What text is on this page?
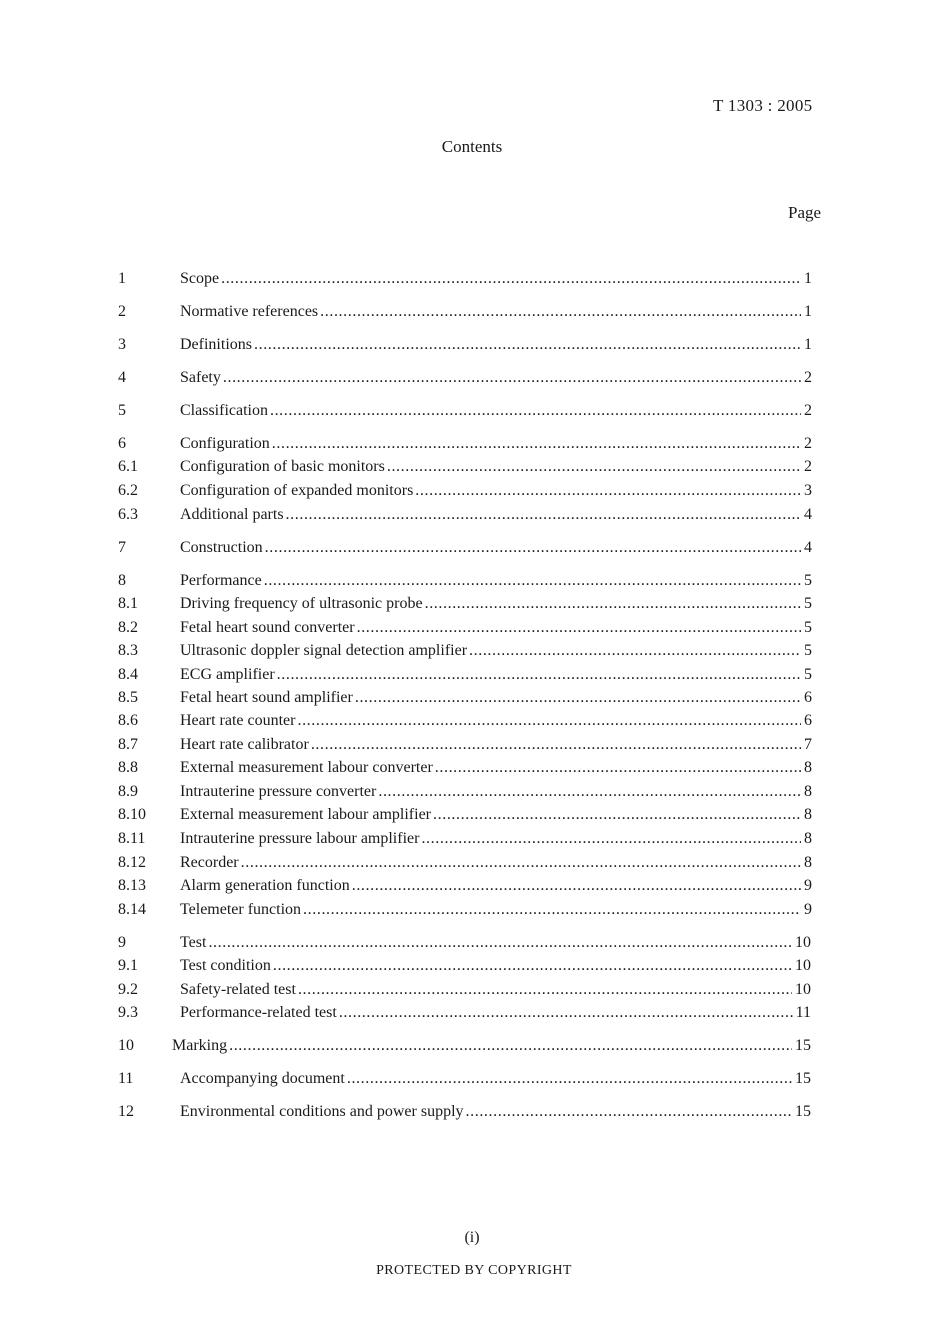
T 1303 : 2005
Contents
Page
1	Scope .....	1
2	Normative references .....	1
3	Definitions .....	1
4	Safety .....	2
5	Classification .....	2
6	Configuration .....	2
6.1	Configuration of basic monitors .....	2
6.2	Configuration of expanded monitors .....	3
6.3	Additional parts .....	4
7	Construction .....	4
8	Performance .....	5
8.1	Driving frequency of ultrasonic probe .....	5
8.2	Fetal heart sound converter .....	5
8.3	Ultrasonic doppler signal detection amplifier .....	5
8.4	ECG amplifier .....	5
8.5	Fetal heart sound amplifier .....	6
8.6	Heart rate counter .....	6
8.7	Heart rate calibrator .....	7
8.8	External measurement labour converter .....	8
8.9	Intrauterine pressure converter .....	8
8.10	External measurement labour amplifier .....	8
8.11	Intrauterine pressure labour amplifier .....	8
8.12	Recorder .....	8
8.13	Alarm generation function .....	9
8.14	Telemeter function .....	9
9	Test .....	10
9.1	Test condition .....	10
9.2	Safety-related test .....	10
9.3	Performance-related test .....	11
10	Marking .....	15
11	Accompanying document .....	15
12	Environmental conditions and power supply .....	15
(i)
PROTECTED BY COPYRIGHT
